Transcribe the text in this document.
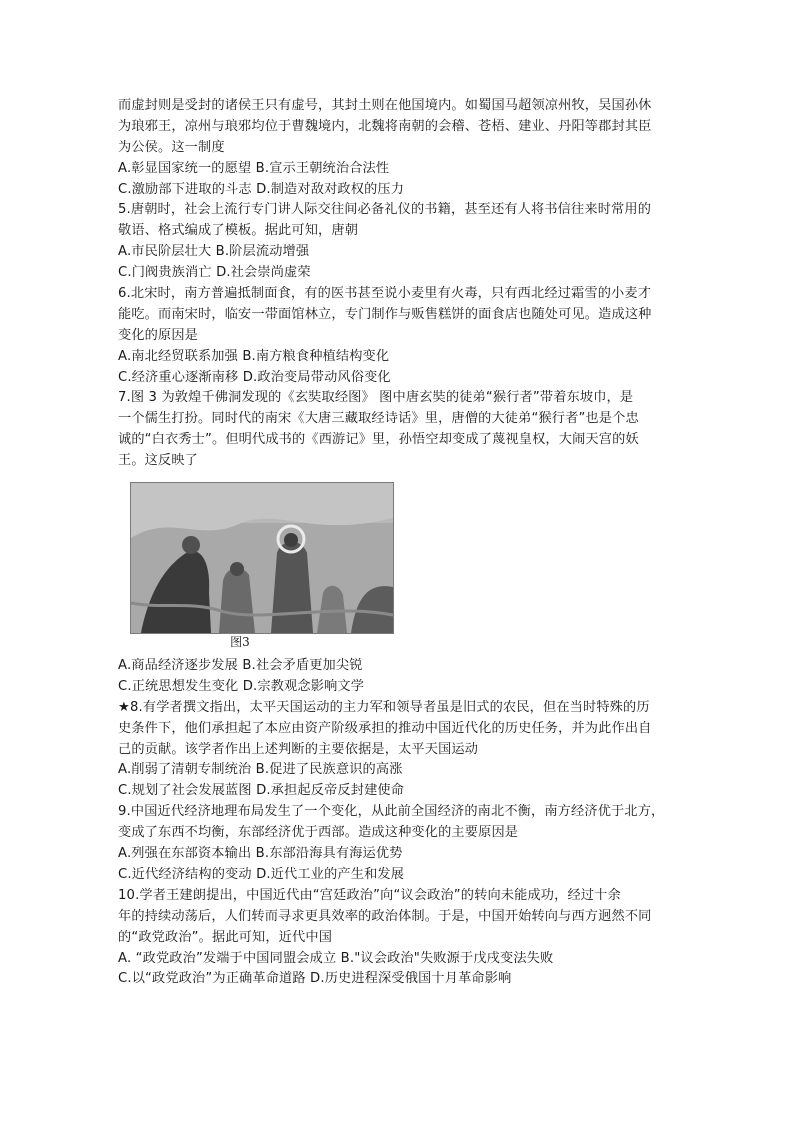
而虚封则是受封的诸侯王只有虚号，其封土则在他国境内。如蜀国马超领凉州牧，吴国孙休
为琅邪王，凉州与琅邪均位于曹魏境内，北魏将南朝的会稽、苍梧、建业、丹阳等郡封其臣
为公侯。这一制度
A.彰显国家统一的愿望 B.宣示王朝统治合法性
C.激励部下进取的斗志 D.制造对敌对政权的压力
5.唐朝时，社会上流行专门讲人际交往间必备礼仪的书籍，甚至还有人将书信往来时常用的
敬语、格式编成了模板。据此可知，唐朝
A.市民阶层壮大 B.阶层流动增强
C.门阀贵族消亡 D.社会崇尚虚荣
6.北宋时，南方普遍抵制面食，有的医书甚至说小麦里有火毒，只有西北经过霜雪的小麦才
能吃。而南宋时，临安一带面馆林立，专门制作与贩售糕饼的面食店也随处可见。造成这种
变化的原因是
A.南北经贸联系加强 B.南方粮食种植结构变化
C.经济重心逐渐南移 D.政治变局带动风俗变化
7.图 3 为敦煌千佛洞发现的《玄奘取经图》 图中唐玄奘的徒弟“猴行者”带着东坡巾，是
一个儒生打扮。同时代的南宋《大唐三藏取经诗话》里，唐僧的大徒弟“猴行者”也是个忠
诚的“白衣秀士”。但明代成书的《西游记》里，孙悟空却变成了蔑视皇权，大闹天宫的妖
王。这反映了
图3
A.商品经济逐步发展 B.社会矛盾更加尖锐
C.正统思想发生变化 D.宗教观念影响文学
★8.有学者撰文指出，太平天国运动的主力军和领导者虽是旧式的农民，但在当时特殊的历
史条件下，他们承担起了本应由资产阶级承担的推动中国近代化的历史任务，并为此作出自
己的贡献。该学者作出上述判断的主要依据是，太平天国运动
A.削弱了清朝专制统治 B.促进了民族意识的高涨
C.规划了社会发展蓝图 D.承担起反帝反封建使命
9.中国近代经济地理布局发生了一个变化，从此前全国经济的南北不衡，南方经济优于北方，
变成了东西不均衡，东部经济优于西部。造成这种变化的主要原因是
A.列强在东部资本输出 B.东部沿海具有海运优势
C.近代经济结构的变动 D.近代工业的产生和发展
10.学者王建朗提出，中国近代由“宫廷政治”向“议会政治”的转向未能成功，经过十余
年的持续动荡后，人们转而寻求更具效率的政治体制。于是，中国开始转向与西方迥然不同
的“政党政治”。据此可知，近代中国
A. “政党政治”发端于中国同盟会成立 B."议会政治"失败源于戊戌变法失败
C.以“政党政治”为正确革命道路 D.历史进程深受俄国十月革命影响
